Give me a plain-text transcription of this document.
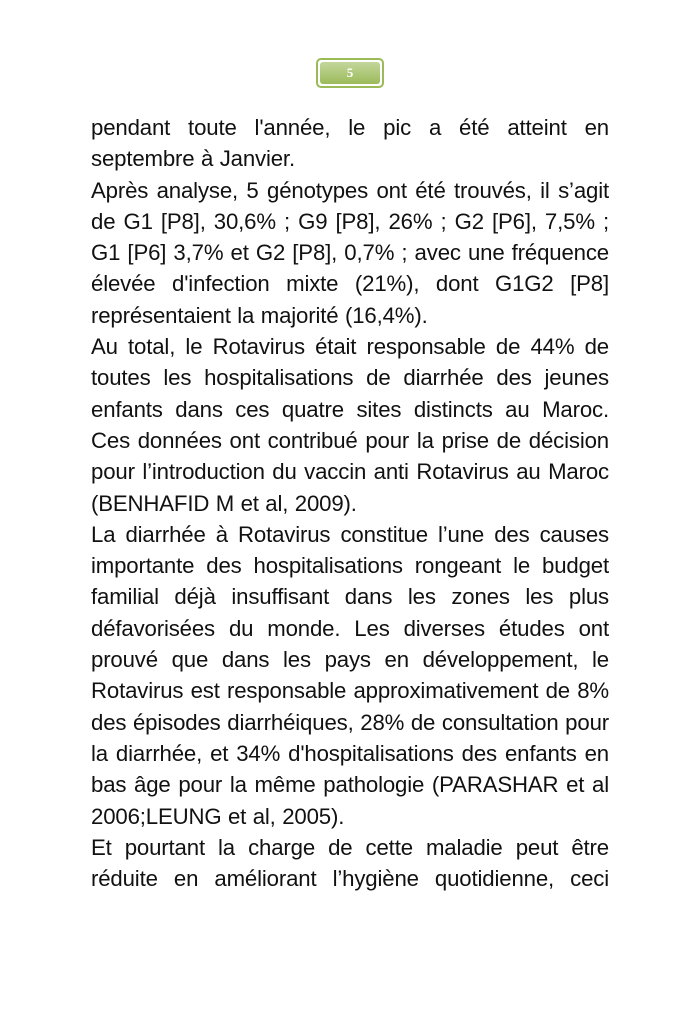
5

pendant toute l'année, le pic a été atteint en septembre à Janvier.

Après analyse, 5 génotypes ont été trouvés, il s’agit de G1 [P8], 30,6% ; G9 [P8], 26% ; G2 [P6], 7,5% ; G1 [P6] 3,7% et G2 [P8], 0,7% ; avec une fréquence élevée d'infection mixte (21%), dont G1G2 [P8] représentaient la majorité (16,4%).

Au total, le Rotavirus était responsable de 44% de toutes les hospitalisations de diarrhée des jeunes enfants dans ces quatre sites distincts au Maroc. Ces données ont contribué pour la prise de décision pour l’introduction du vaccin anti Rotavirus au Maroc (BENHAFID M et al, 2009).

La diarrhée à Rotavirus constitue l’une des causes importante des hospitalisations rongeant le budget familial déjà insuffisant dans les zones les plus défavorisées du monde. Les diverses études ont prouvé que dans les pays en développement, le Rotavirus est responsable approximativement de 8% des épisodes diarrhéiques, 28% de consultation pour la diarrhée, et 34% d'hospitalisations des enfants en bas âge pour la même pathologie (PARASHAR et al 2006;LEUNG et al, 2005).

Et pourtant la charge de cette maladie peut être réduite en améliorant l’hygiène quotidienne, ceci
